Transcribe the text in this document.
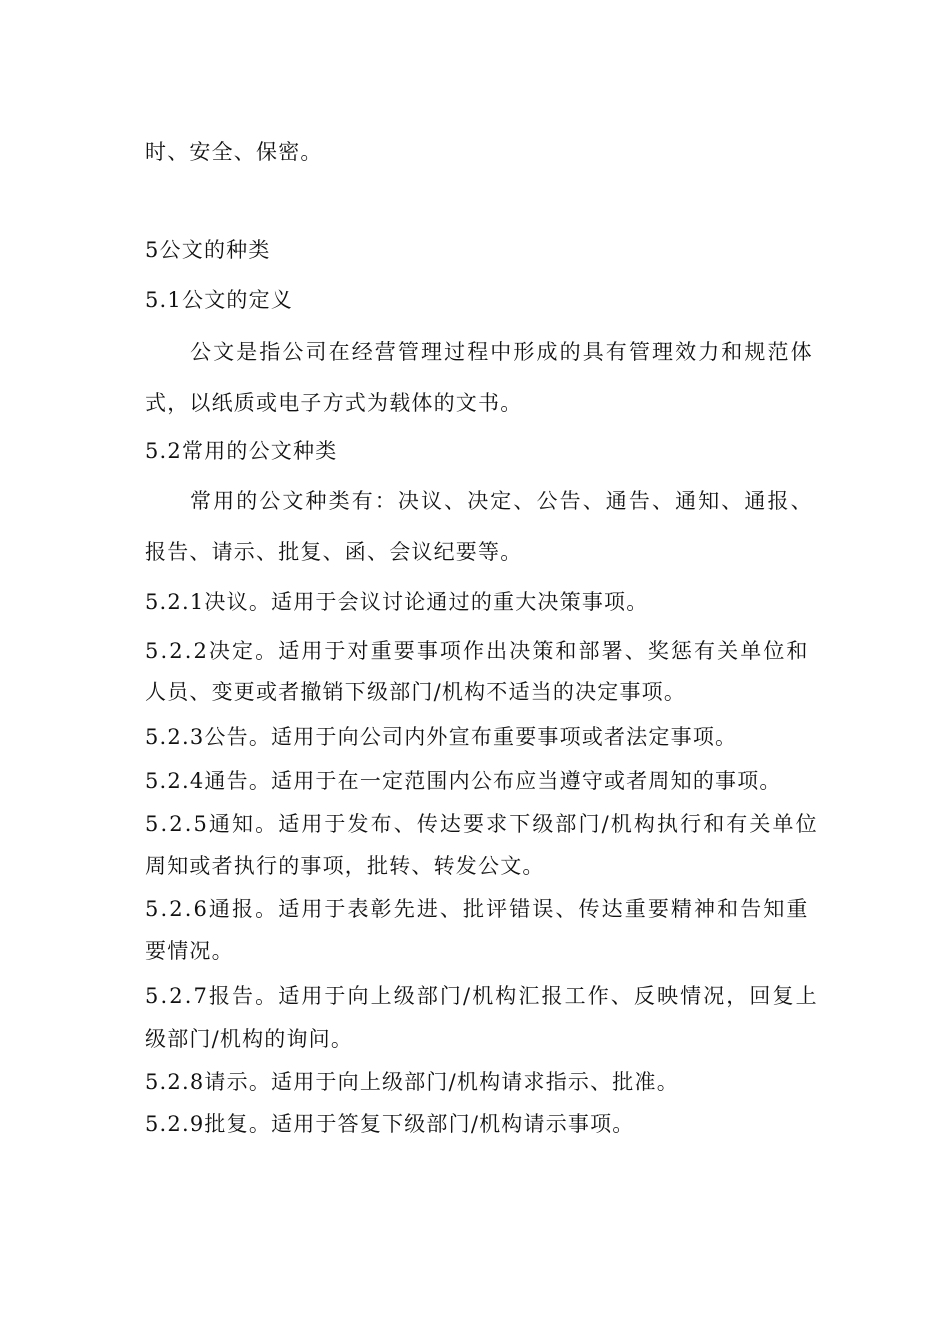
时、安全、保密。
5公文的种类
5.1公文的定义
公文是指公司在经营管理过程中形成的具有管理效力和规范体
式，以纸质或电子方式为载体的文书。
5.2常用的公文种类
常用的公文种类有：决议、决定、公告、通告、通知、通报、
报告、请示、批复、函、会议纪要等。
5.2.1决议。适用于会议讨论通过的重大决策事项。
5.2.2决定。适用于对重要事项作出决策和部署、奖惩有关单位和
人员、变更或者撤销下级部门/机构不适当的决定事项。
5.2.3公告。适用于向公司内外宣布重要事项或者法定事项。
5.2.4通告。适用于在一定范围内公布应当遵守或者周知的事项。
5.2.5通知。适用于发布、传达要求下级部门/机构执行和有关单位
周知或者执行的事项，批转、转发公文。
5.2.6通报。适用于表彰先进、批评错误、传达重要精神和告知重
要情况。
5.2.7报告。适用于向上级部门/机构汇报工作、反映情况，回复上
级部门/机构的询问。
5.2.8请示。适用于向上级部门/机构请求指示、批准。
5.2.9批复。适用于答复下级部门/机构请示事项。
